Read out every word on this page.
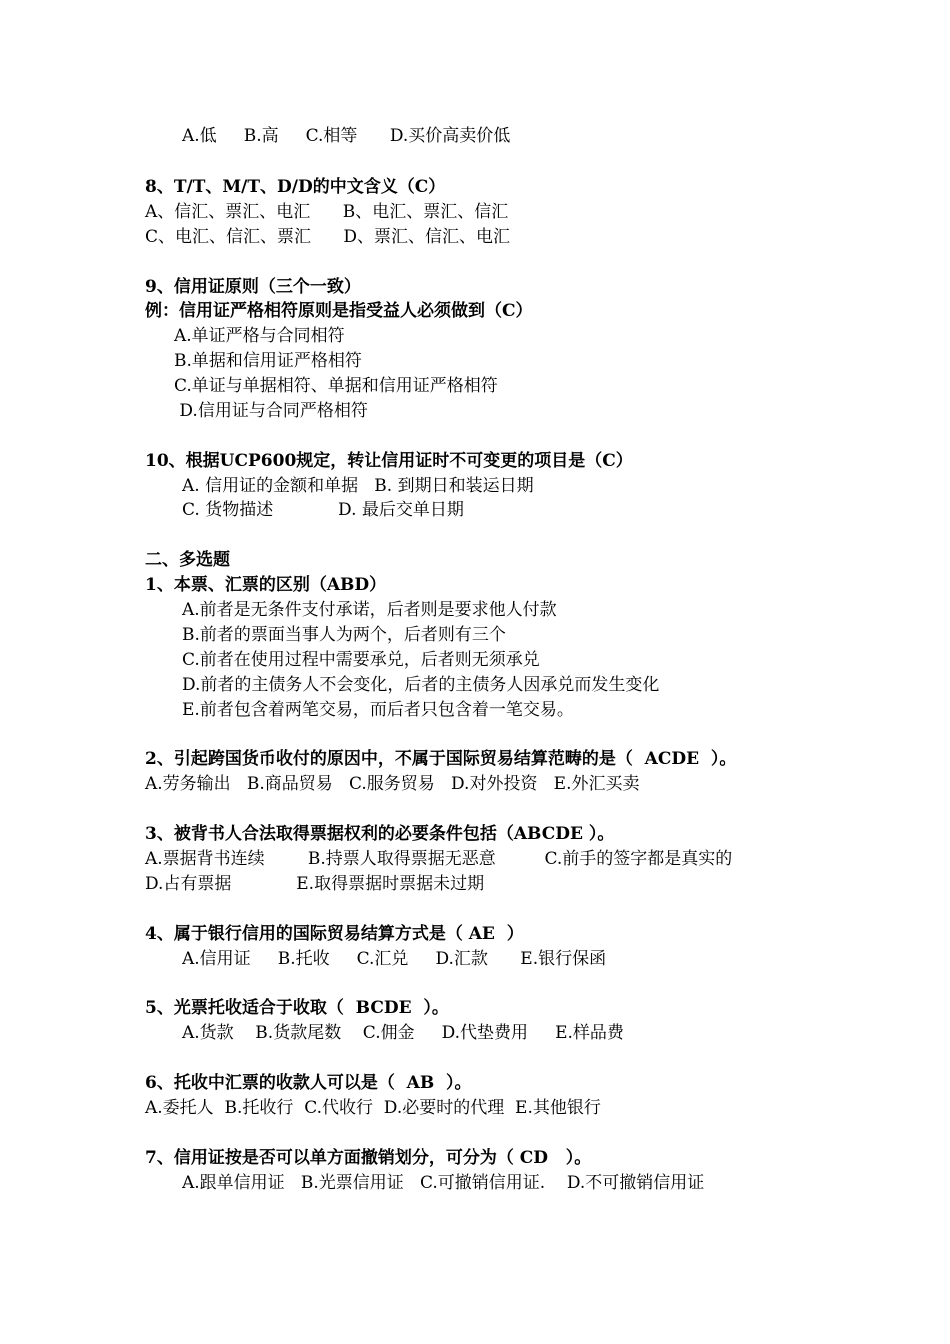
A.低     B.高     C.相等      D.买价高卖价低
8、T/T、M/T、D/D的中文含义（C）
A、信汇、票汇、电汇      B、电汇、票汇、信汇
C、电汇、信汇、票汇      D、票汇、信汇、电汇
9、信用证原则（三个一致）
例：信用证严格相符原则是指受益人必须做到（C）
A.单证严格与合同相符
B.单据和信用证严格相符
C.单证与单据相符、单据和信用证严格相符
D.信用证与合同严格相符
10、根据UCP600规定，转让信用证时不可变更的项目是（C）
A. 信用证的金额和单据   B. 到期日和装运日期
C. 货物描述            D. 最后交单日期
二、多选题
1、本票、汇票的区别（ABD）
A.前者是无条件支付承诺，后者则是要求他人付款
B.前者的票面当事人为两个，后者则有三个
C.前者在使用过程中需要承兑，后者则无须承兑
D.前者的主债务人不会变化，后者的主债务人因承兑而发生变化
E.前者包含着两笔交易，而后者只包含着一笔交易。
2、引起跨国货币收付的原因中，不属于国际贸易结算范畴的是（  ACDE  ）。
A.劳务输出   B.商品贸易   C.服务贸易   D.对外投资   E.外汇买卖
3、被背书人合法取得票据权利的必要条件包括（ABCDE ）。
A.票据背书连续        B.持票人取得票据无恶意         C.前手的签字都是真实的
D.占有票据            E.取得票据时票据未过期
4、属于银行信用的国际贸易结算方式是（ AE  ）
A.信用证     B.托收     C.汇兑     D.汇款      E.银行保函
5、光票托收适合于收取（  BCDE  ）。
A.货款    B.货款尾数    C.佣金     D.代垫费用     E.样品费
6、托收中汇票的收款人可以是（  AB  ）。
A.委托人  B.托收行  C.代收行  D.必要时的代理  E.其他银行
7、信用证按是否可以单方面撤销划分，可分为（ CD   ）。
A.跟单信用证   B.光票信用证   C.可撤销信用证.    D.不可撤销信用证
